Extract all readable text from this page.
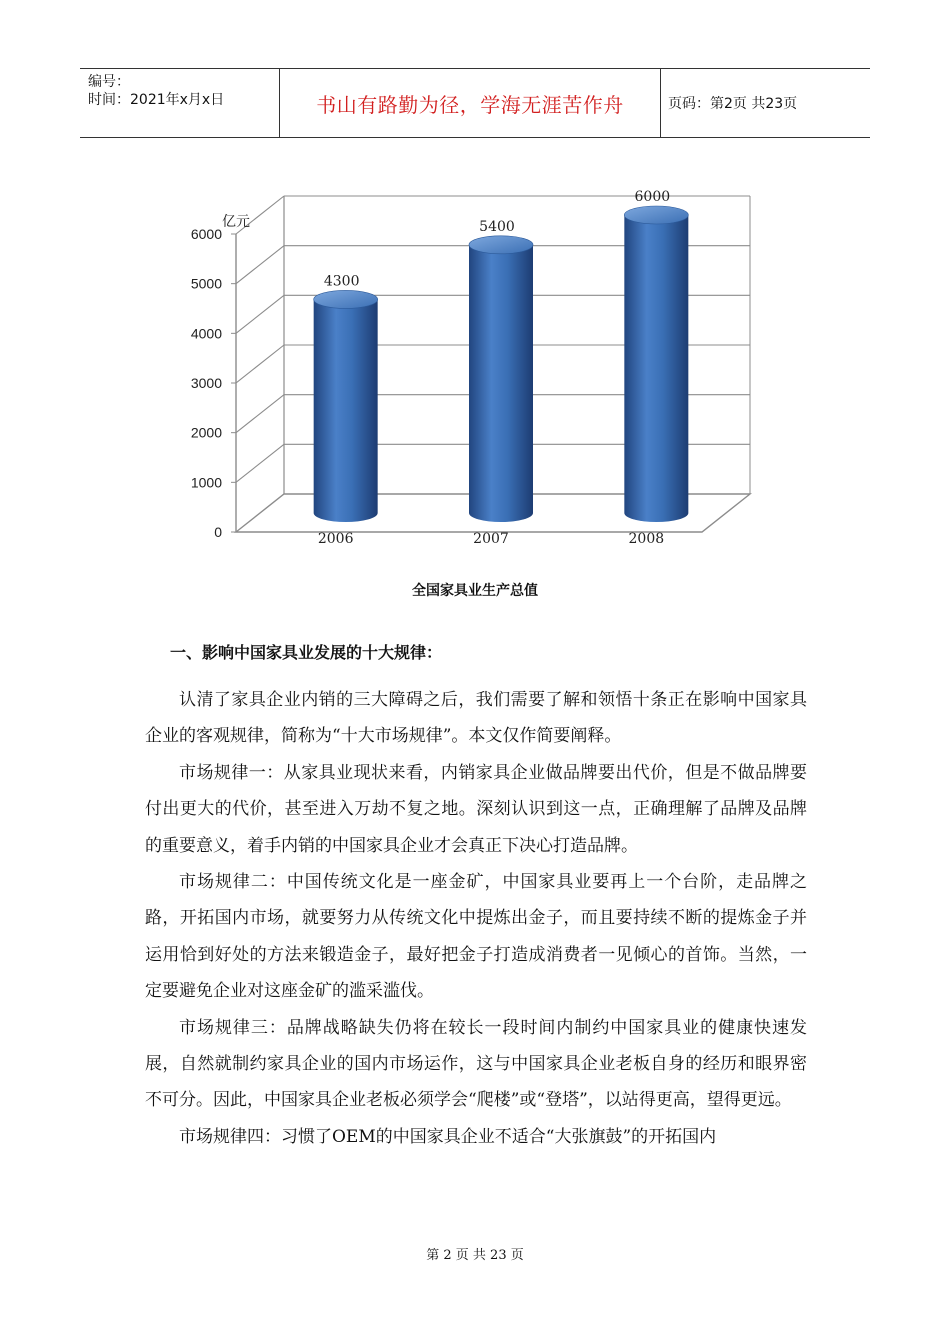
编号：
时间：2021年x月x日	书山有路勤为径，学海无涯苦作舟	页码：第2页 共23页
0
1000
2000
3000
4000
5000
6000
亿元
4300
2006
5400
2007
6000
2008
全国家具业生产总值
一、影响中国家具业发展的十大规律：

认清了家具企业内销的三大障碍之后，我们需要了解和领悟十条正在影响中国家具企业的客观规律，简称为“十大市场规律”。本文仅作简要阐释。

市场规律一：从家具业现状来看，内销家具企业做品牌要出代价，但是不做品牌要付出更大的代价，甚至进入万劫不复之地。深刻认识到这一点，正确理解了品牌及品牌的重要意义，着手内销的中国家具企业才会真正下决心打造品牌。

市场规律二：中国传统文化是一座金矿，中国家具业要再上一个台阶，走品牌之路，开拓国内市场，就要努力从传统文化中提炼出金子，而且要持续不断的提炼金子并运用恰到好处的方法来锻造金子，最好把金子打造成消费者一见倾心的首饰。当然，一定要避免企业对这座金矿的滥采滥伐。

市场规律三：品牌战略缺失仍将在较长一段时间内制约中国家具业的健康快速发展，自然就制约家具企业的国内市场运作，这与中国家具企业老板自身的经历和眼界密不可分。因此，中国家具企业老板必须学会“爬楼”或“登塔”，以站得更高，望得更远。

市场规律四：习惯了OEM的中国家具企业不适合“大张旗鼓”的开拓国内

第 2 页 共 23 页
